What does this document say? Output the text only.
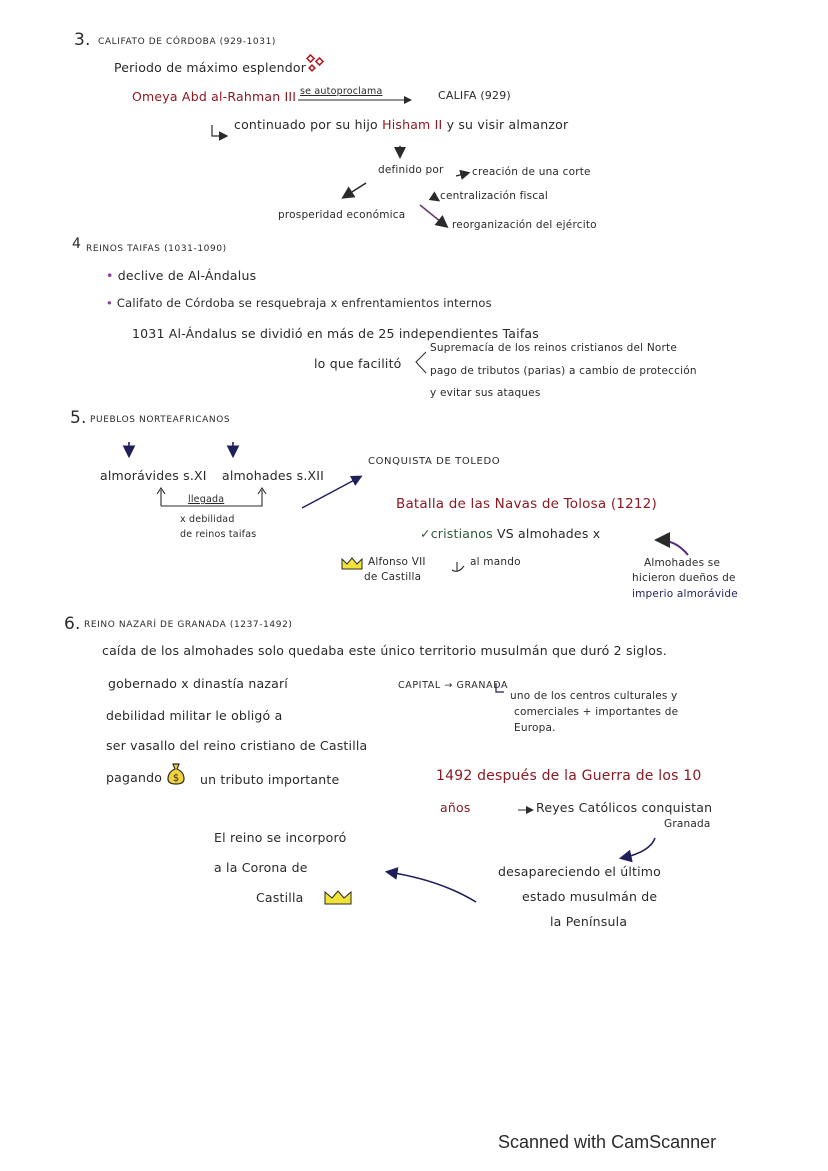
3. CALIFATO DE CÓRDOBA (929-1031)
Periodo de máximo esplendor
Omeya Abd al-Rahman III se autoproclama	CALIFA (929)
continuado por su hijo Hisham II y su visir almanzor
definido por	creación de una corte
centralización fiscal
reorganización del ejército
prosperidad económica
4 REINOS TAIFAS (1031-1090)
• declive de Al-Ándalus
• Califato de Córdoba se resquebraja x enfrentamientos internos
1031 Al-Ándalus se dividió en más de 25 independientes Taifas
lo que facilitó
Supremacía de los reinos cristianos del Norte
pago de tributos (parias) a cambio de protección
y evitar sus ataques
5. PUEBLOS NORTEAFRICANOS
almorávides s.XI almohades s.XII
llegada
x debilidad
de reinos taifas
CONQUISTA DE TOLEDO
Batalla de las Navas de Tolosa (1212)
✓cristianos VS almohades x
Alfonso VII
de Castilla
al mando	Almohades se
hicieron dueños de
imperio almorávide
6. REINO NAZARÍ DE GRANADA (1237-1492)
caída de los almohades solo quedaba este único territorio musulmán que duró 2 siglos.
gobernado x dinastía nazarí	CAPITAL → GRANADA
uno de los centros culturales y
comerciales + importantes de
Europa.
debilidad militar le obligó a
ser vasallo del reino cristiano de Castilla
pagando $ un tributo importante	1492 después de la Guerra de los 10
años	Reyes Católicos conquistan
Granada
desapareciendo el último
estado musulmán de
la Península
El reino se incorporó
a la Corona de
Castilla
Scanned with CamScanner
